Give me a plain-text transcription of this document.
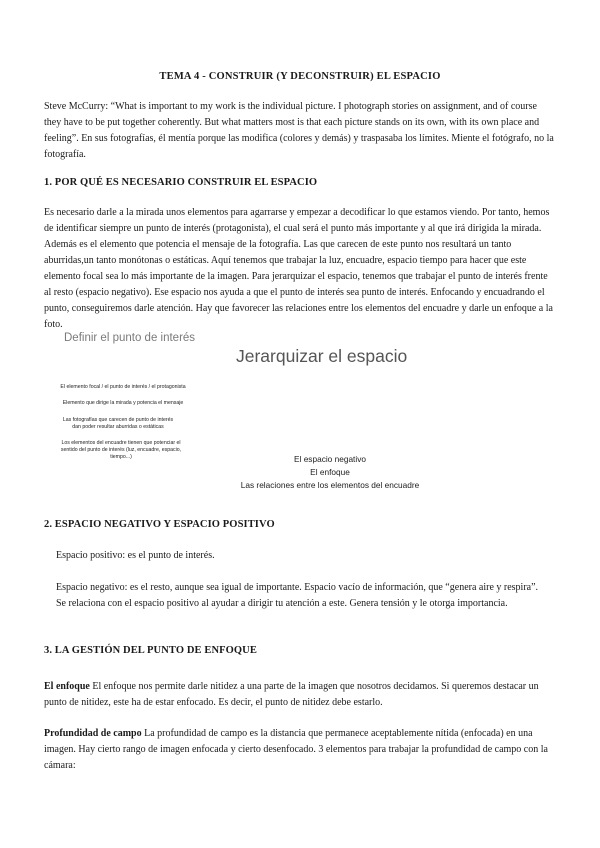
TEMA 4 - CONSTRUIR (Y DECONSTRUIR) EL ESPACIO

Steve McCurry: “What is important to my work is the individual picture. I photograph stories on assignment, and of course they have to be put together coherently. But what matters most is that each picture stands on its own, with its own place and feeling”. En sus fotografías, él mentía porque las modifica (colores y demás) y traspasaba los límites. Miente el fotógrafo, no la fotografía.

1. POR QUÉ ES NECESARIO CONSTRUIR EL ESPACIO

Es necesario darle a la mirada unos elementos para agarrarse y empezar a decodificar lo que estamos viendo. Por tanto, hemos de identificar siempre un punto de interés (protagonista), el cual será el punto más importante y al que irá dirigida la mirada. Además es el elemento que potencia el mensaje de la fotografía. Las que carecen de este punto nos resultará un tanto aburridas,un tanto monótonas o estáticas. Aquí tenemos que trabajar la luz, encuadre, espacio tiempo para hacer que este elemento focal sea lo más importante de la imagen. Para jerarquizar el espacio, tenemos que trabajar el punto de interés frente al resto (espacio negativo). Ese espacio nos ayuda a que el punto de interés sea punto de interés. Enfocando y encuadrando el punto, conseguiremos darle atención. Hay que favorecer las relaciones entre los elementos del encuadre y darle un enfoque a la foto.

Definir el punto de interés
Jerarquizar el espacio
El elemento focal / el punto de interés / el protagonista
Elemento que dirige la mirada y potencia el mensaje
Las fotografías que carecen de punto de interés dan poder resultar aburridas o estáticas
Los elementos del encuadre tienen que potenciar el sentido del punto de interés (luz, encuadre, espacio, tiempo...)	El espacio negativo
El enfoque
Las relaciones entre los elementos del encuadre
2. ESPACIO NEGATIVO Y ESPACIO POSITIVO

Espacio positivo: es el punto de interés.

Espacio negativo: es el resto, aunque sea igual de importante. Espacio vacío de información, que “genera aire y respira”. Se relaciona con el espacio positivo al ayudar a dirigir tu atención a este. Genera tensión y le otorga importancia.

3. LA GESTIÓN DEL PUNTO DE ENFOQUE

El enfoque El enfoque nos permite darle nitidez a una parte de la imagen que nosotros decidamos. Si queremos destacar un punto de nitidez, este ha de estar enfocado. Es decir, el punto de nitidez debe estarlo.

Profundidad de campo La profundidad de campo es la distancia que permanece aceptablemente nítida (enfocada) en una imagen. Hay cierto rango de imagen enfocada y cierto desenfocado. 3 elementos para trabajar la profundidad de campo con la cámara:
